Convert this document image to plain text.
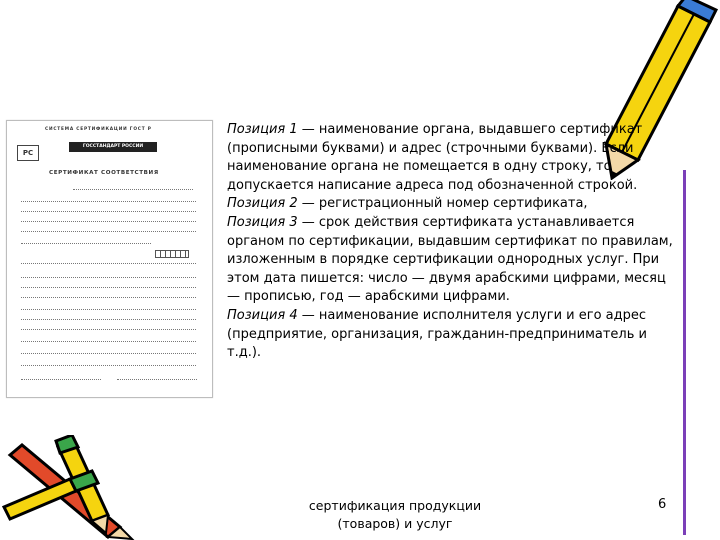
СИСТЕМА СЕРТИФИКАЦИИ ГОСТ Р
РС
ГОССТАНДАРТ РОССИИ
СЕРТИФИКАТ СООТВЕТСТВИЯ

Позиция 1 — наименование органа, выдавшего сертификат (прописными буквами) и адрес (строчными буквами). Если наименование органа не помещается в одну строку, то допускается написание адреса под обозначенной строкой.

Позиция 2 — регистрационный номер сертификата,

Позиция 3 — срок действия сертификата устанавливается органом по сертификации, выдавшим сертификат по правилам, изложенным в порядке сертификации однородных услуг. При этом дата пишется: число — двумя арабскими цифрами, месяц — прописью, год — арабскими цифрами.

Позиция 4 — наименование исполнителя услуги и его адрес (предприятие, организация, гражданин-предприниматель и т.д.).

сертификация продукции (товаров) и услуг
6
